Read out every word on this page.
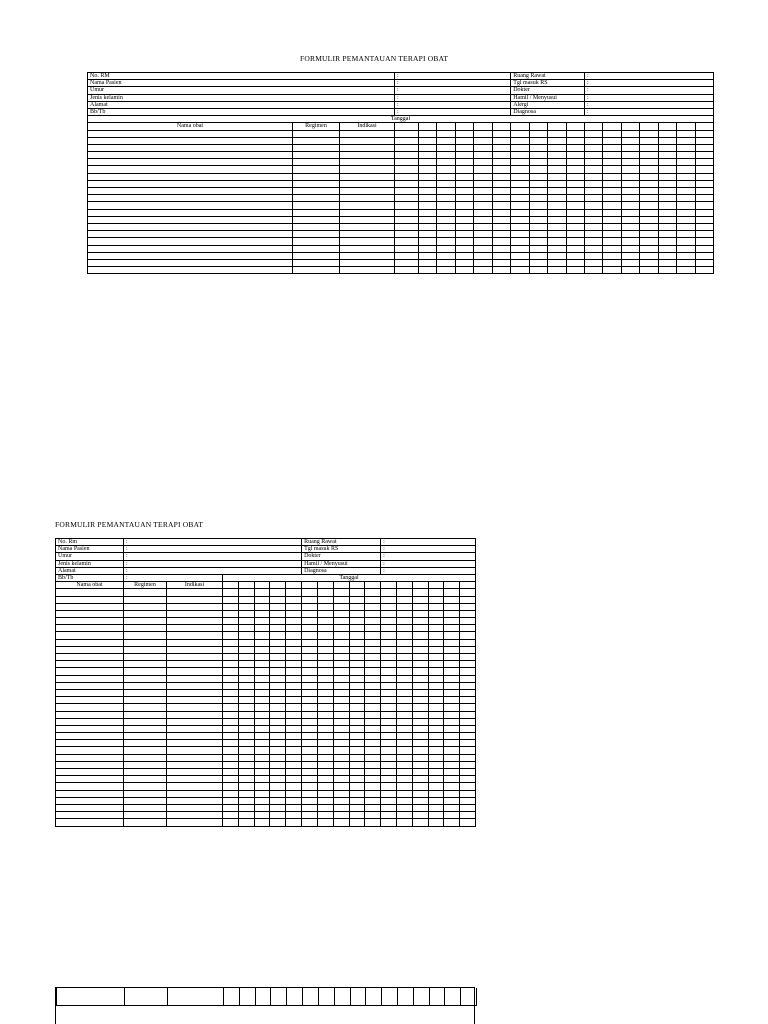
FORMULIR PEMANTAUAN TERAPI OBAT
No. RM			:						Ruang Rawat				:						
Nama Pasien			:						Tgl masuk RS				:						
Umur			:						Dokter				:						
Jenis kelamin			:						Hamil / Menyusui				:						
Alamat			:						Alergi				:						
Bb/Tb			:						Diagnosa				:						
Tanggal																			
Nama obat	Regimen	Indikasi																	

FORMULIR PEMANTAUAN TERAPI OBAT
No. Rm	:							Ruang Rawat					:					
Nama Pasien	:							Tgl masuk RS					:					
Umur	:							Dokter					:					
Jenis kelamin	:							Hamil / Menyusui					:					
Alamat	:							Diagnosa					:					
Bb/Tb	:		Tanggal															
Nama obat	Regimen	Indikasi																
